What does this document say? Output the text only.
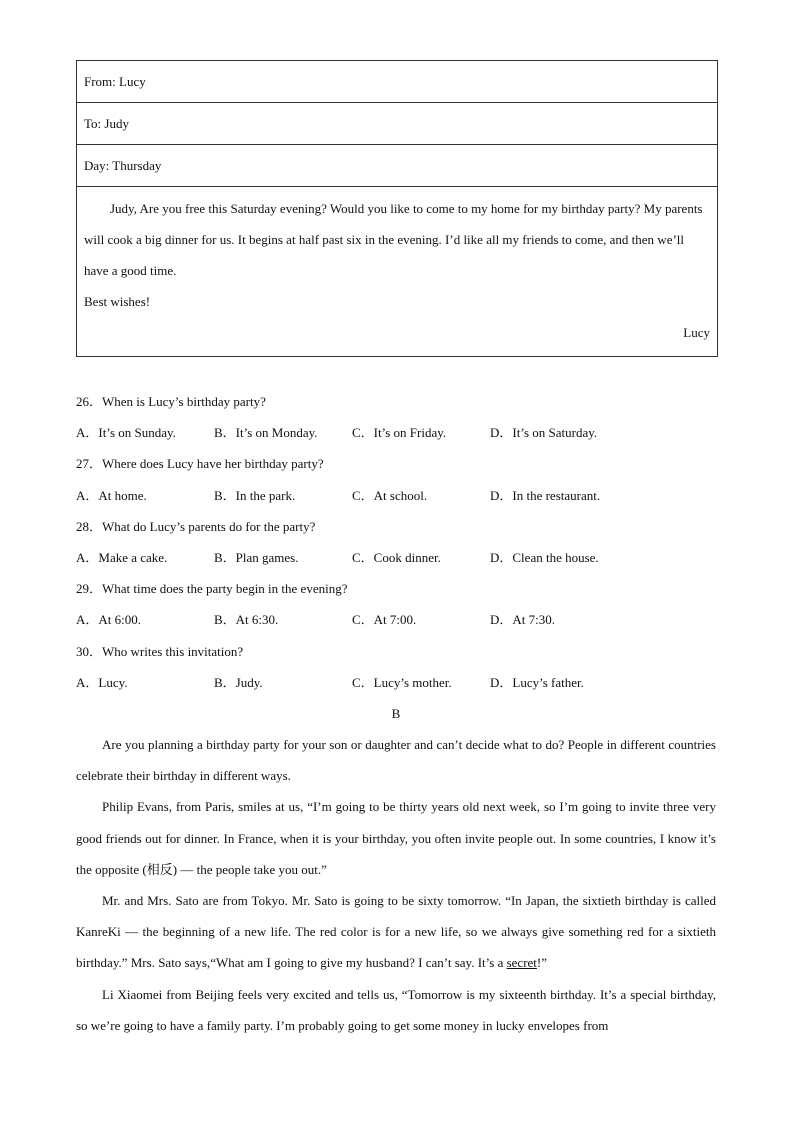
From: Lucy
To: Judy
Day: Thursday
Judy, Are you free this Saturday evening? Would you like to come to my home for my birthday party? My parents will cook a big dinner for us. It begins at half past six in the evening. I’d like all my friends to come, and then we’ll have a good time.
Best wishes!
Lucy
26．When is Lucy’s birthday party?
A．It’s on Sunday.	B．It’s on Monday.	C．It’s on Friday.	D．It’s on Saturday.
27．Where does Lucy have her birthday party?
A．At home.	B．In the park.	C．At school.	D．In the restaurant.
28．What do Lucy’s parents do for the party?
A．Make a cake.	B．Plan games.	C．Cook dinner.	D．Clean the house.
29．What time does the party begin in the evening?
A．At 6:00.	B．At 6:30.	C．At 7:00.	D．At 7:30.
30．Who writes this invitation?
A．Lucy.	B．Judy.	C．Lucy’s mother.	D．Lucy’s father.
B

Are you planning a birthday party for your son or daughter and can’t decide what to do? People in different countries celebrate their birthday in different ways.

Philip Evans, from Paris, smiles at us, “I’m going to be thirty years old next week, so I’m going to invite three very good friends out for dinner. In France, when it is your birthday, you often invite people out. In some countries, I know it’s the opposite (相反) — the people take you out.”

Mr. and Mrs. Sato are from Tokyo. Mr. Sato is going to be sixty tomorrow. “In Japan, the sixtieth birthday is called KanreKi — the beginning of a new life. The red color is for a new life, so we always give something red for a sixtieth birthday.” Mrs. Sato says,“What am I going to give my husband? I can’t say. It’s a secret!”

Li Xiaomei from Beijing feels very excited and tells us, “Tomorrow is my sixteenth birthday. It’s a special birthday, so we’re going to have a family party. I’m probably going to get some money in lucky envelopes from
